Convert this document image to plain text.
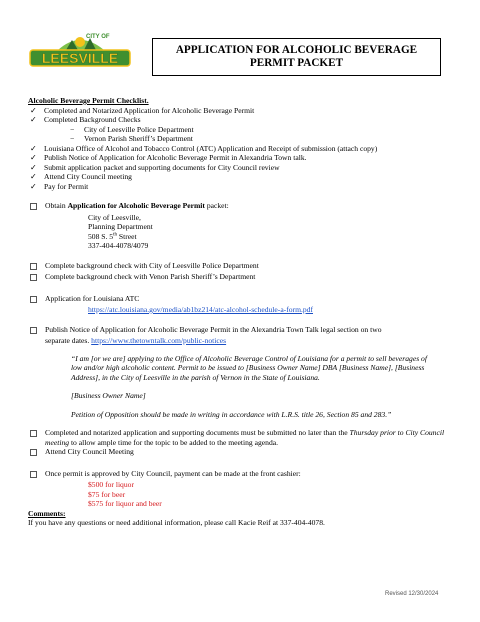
CITY OF
LEESVILLE	APPLICATION FOR ALCOHOLIC BEVERAGE
PERMIT PACKET
Alcoholic Beverage Permit Checklist.
✓ Completed and Notarized Application for Alcoholic Beverage Permit
✓ Completed Background Checks
− City of Leesville Police Department
− Vernon Parish Sheriff’s Department
✓ Louisiana Office of Alcohol and Tobacco Control (ATC) Application and Receipt of submission (attach copy)
✓ Publish Notice of Application for Alcoholic Beverage Permit in Alexandria Town talk.
✓ Submit application packet and supporting documents for City Council review
✓ Attend City Council meeting
✓ Pay for Permit
Obtain Application for Alcoholic Beverage Permit packet:
City of Leesville,
Planning Department
508 S. 5th Street
337-404-4078/4079
Complete background check with City of Leesville Police Department
Complete background check with Venon Parish Sheriff’s Department
Application for Louisiana ATC
https://atc.louisiana.gov/media/ab1bz214/atc-alcohol-schedule-a-form.pdf
Publish Notice of Application for Alcoholic Beverage Permit in the Alexandria Town Talk legal section on two
separate dates. https://www.thetowntalk.com/public-notices
“I am [or we are] applying to the Office of Alcoholic Beverage Control of Louisiana for a permit to sell beverages of low and/or high alcoholic content. Permit to be issued to [Business Owner Name] DBA [Business Name], [Business Address], in the City of Leesville in the parish of Vernon in the State of Louisiana.
[Business Owner Name]
Petition of Opposition should be made in writing in accordance with L.R.S. title 26, Section 85 and 283.”
Completed and notarized application and supporting documents must be submitted no later than the Thursday prior to City Council meeting to allow ample time for the topic to be added to the meeting agenda.
Attend City Council Meeting
Once permit is approved by City Council, payment can be made at the front cashier:
$500 for liquor
$75 for beer
$575 for liquor and beer
Comments:
If you have any questions or need additional information, please call Kacie Reif at 337-404-4078.
Revised 12/30/2024
